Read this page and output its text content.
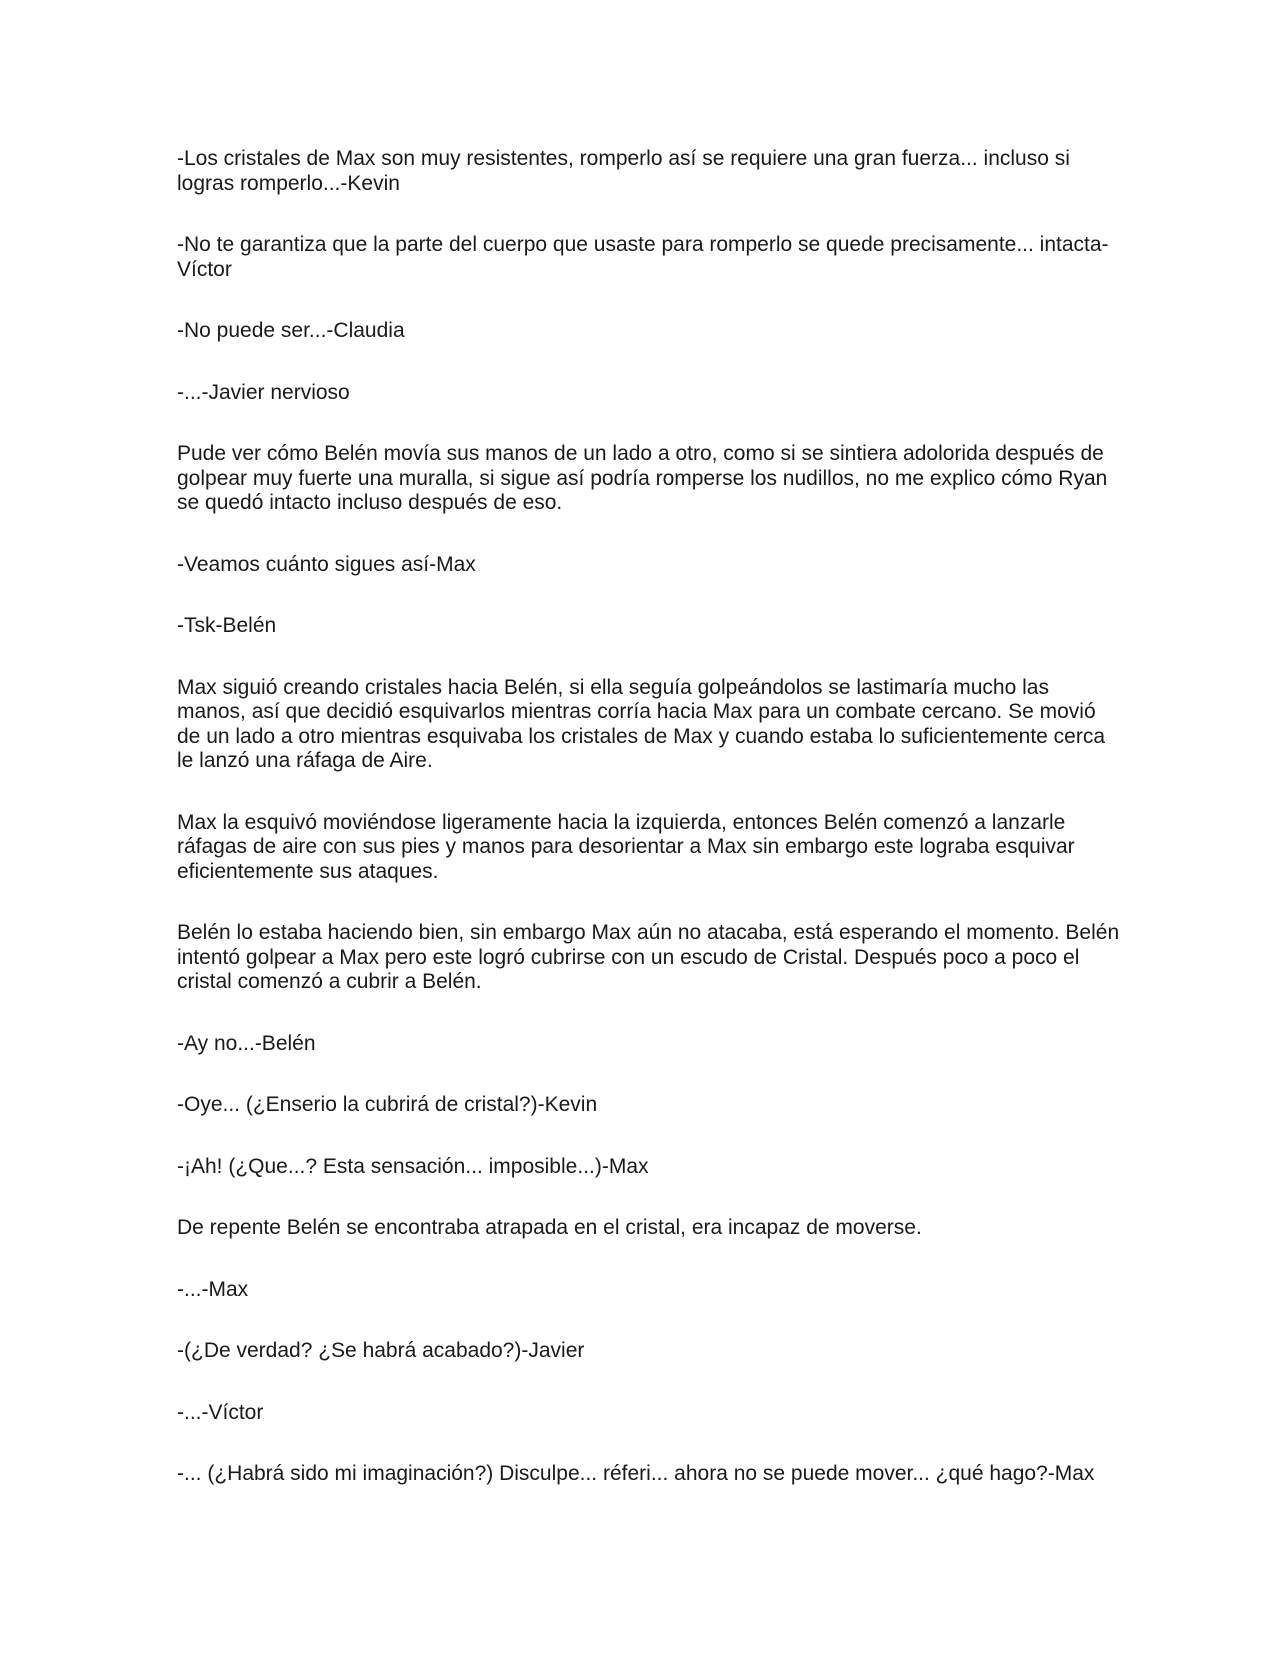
-Los cristales de Max son muy resistentes, romperlo así se requiere una gran fuerza... incluso si logras romperlo...-Kevin

-No te garantiza que la parte del cuerpo que usaste para romperlo se quede precisamente... intacta-Víctor

-No puede ser...-Claudia

-...-Javier nervioso

Pude ver cómo Belén movía sus manos de un lado a otro, como si se sintiera adolorida después de golpear muy fuerte una muralla, si sigue así podría romperse los nudillos, no me explico cómo Ryan se quedó intacto incluso después de eso.

-Veamos cuánto sigues así-Max

-Tsk-Belén

Max siguió creando cristales hacia Belén, si ella seguía golpeándolos se lastimaría mucho las manos, así que decidió esquivarlos mientras corría hacia Max para un combate cercano. Se movió de un lado a otro mientras esquivaba los cristales de Max y cuando estaba lo suficientemente cerca le lanzó una ráfaga de Aire.

Max la esquivó moviéndose ligeramente hacia la izquierda, entonces Belén comenzó a lanzarle ráfagas de aire con sus pies y manos para desorientar a Max sin embargo este lograba esquivar eficientemente sus ataques.

Belén lo estaba haciendo bien, sin embargo Max aún no atacaba, está esperando el momento. Belén intentó golpear a Max pero este logró cubrirse con un escudo de Cristal. Después poco a poco el cristal comenzó a cubrir a Belén.

-Ay no...-Belén

-Oye... (¿Enserio la cubrirá de cristal?)-Kevin

-¡Ah! (¿Que...? Esta sensación... imposible...)-Max

De repente Belén se encontraba atrapada en el cristal, era incapaz de moverse.

-...-Max

-(¿De verdad? ¿Se habrá acabado?)-Javier

-...-Víctor

-... (¿Habrá sido mi imaginación?) Disculpe... réferi... ahora no se puede mover... ¿qué hago?-Max
